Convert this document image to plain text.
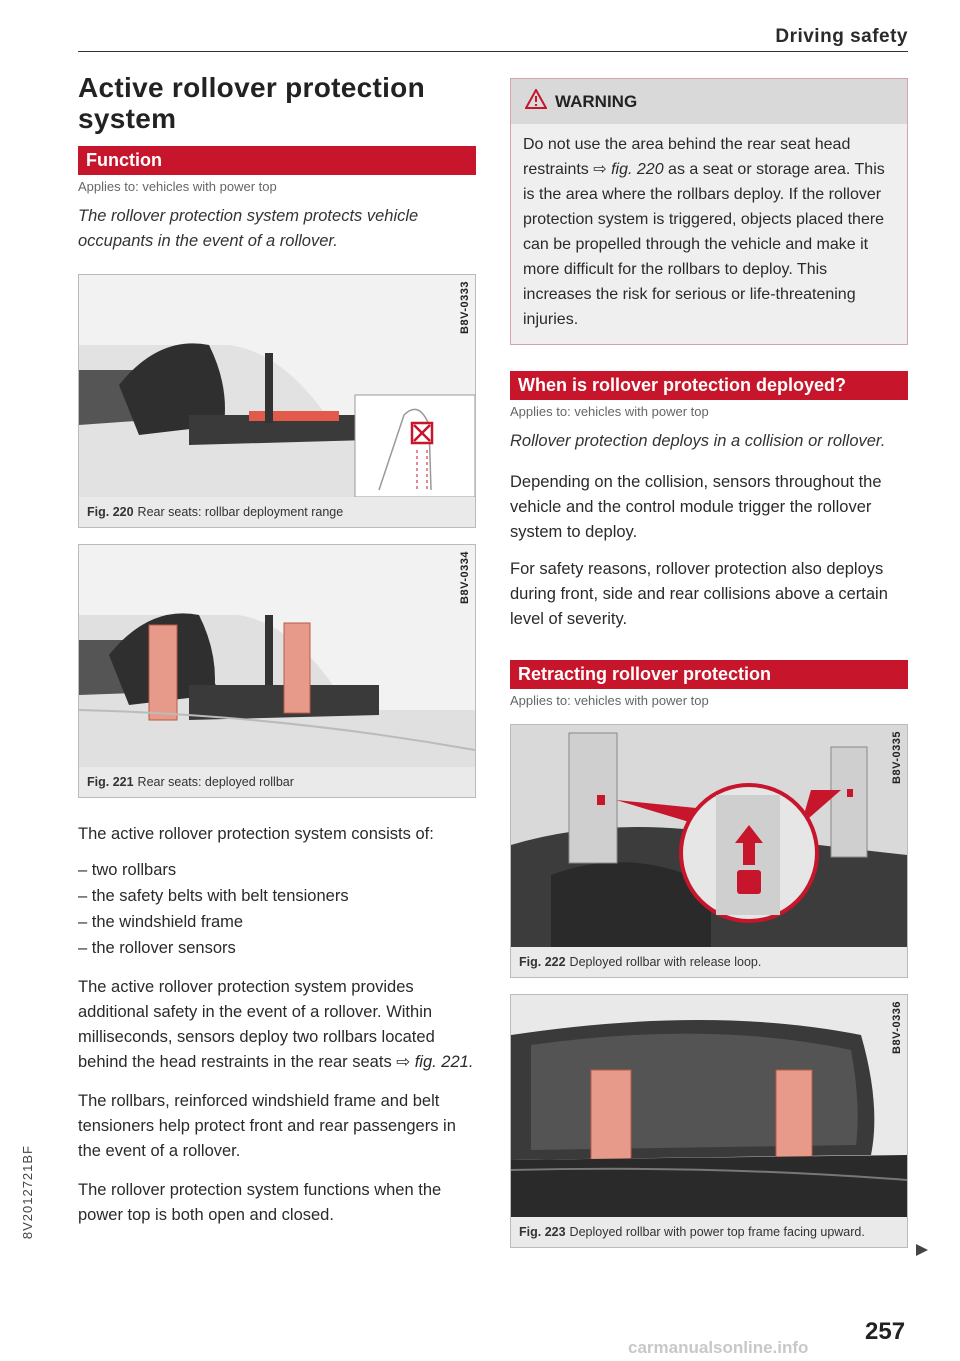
Driving safety
Active rollover protection system
Function
Applies to: vehicles with power top
The rollover protection system protects vehicle occupants in the event of a rollover.
B8V-0333
Fig. 220 Rear seats: rollbar deployment range
B8V-0334
Fig. 221 Rear seats: deployed rollbar

The active rollover protection system consists of:

– two rollbars
– the safety belts with belt tensioners
– the windshield frame
– the rollover sensors

The active rollover protection system provides additional safety in the event of a rollover. Within milliseconds, sensors deploy two rollbars located behind the head restraints in the rear seats ⇨ fig. 221.

The rollbars, reinforced windshield frame and belt tensioners help protect front and rear passengers in the event of a rollover.

The rollover protection system functions when the power top is both open and closed.

WARNING
Do not use the area behind the rear seat head restraints ⇨ fig. 220 as a seat or storage area. This is the area where the rollbars deploy. If the rollover protection system is triggered, objects placed there can be propelled through the vehicle and make it more difficult for the rollbars to deploy. This increases the risk for serious or life-threatening injuries.
When is rollover protection deployed?
Applies to: vehicles with power top
Rollover protection deploys in a collision or rollover.

Depending on the collision, sensors throughout the vehicle and the control module trigger the rollover system to deploy.

For safety reasons, rollover protection also deploys during front, side and rear collisions above a certain level of severity.

Retracting rollover protection
Applies to: vehicles with power top
B8V-0335
Fig. 222 Deployed rollbar with release loop.
B8V-0336
Fig. 223 Deployed rollbar with power top frame facing upward.
8V2012721BF
257
carmanualsonline.info
